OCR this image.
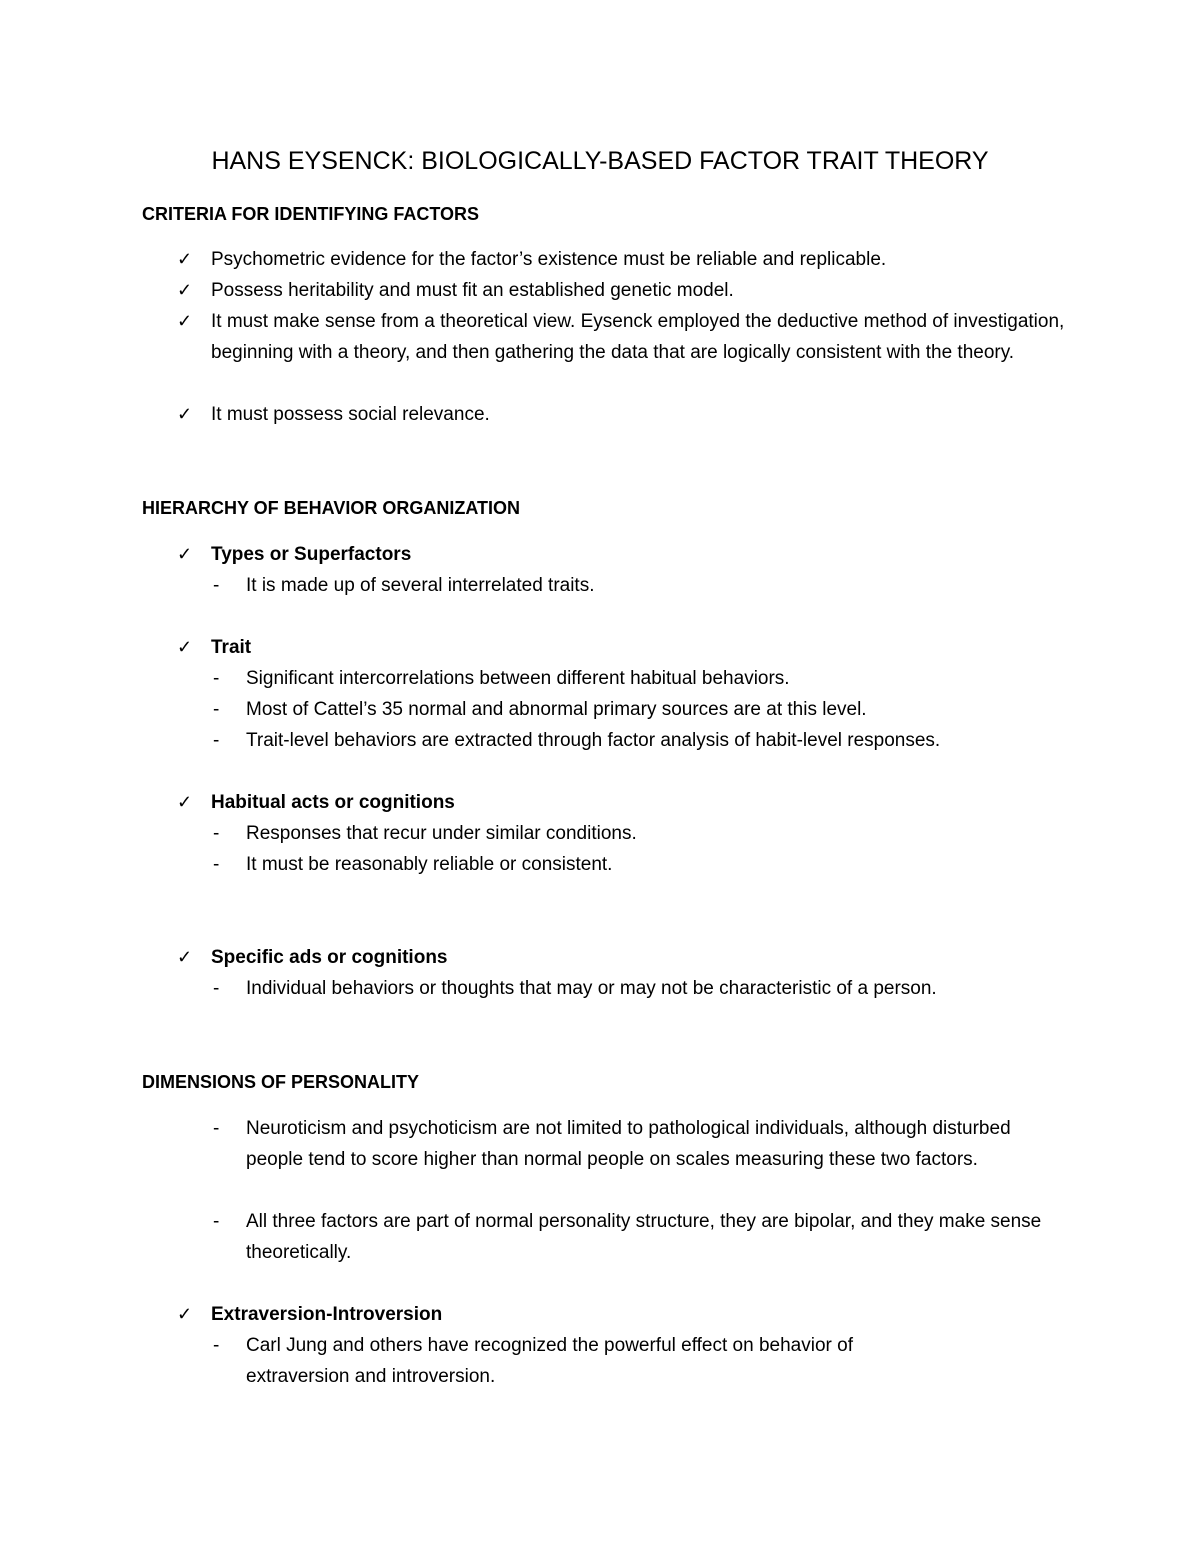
HANS EYSENCK: BIOLOGICALLY-BASED FACTOR TRAIT THEORY
CRITERIA FOR IDENTIFYING FACTORS
✓ Psychometric evidence for the factor’s existence must be reliable and replicable.
✓ Possess heritability and must fit an established genetic model.
✓ It must make sense from a theoretical view. Eysenck employed the deductive method of investigation, beginning with a theory, and then gathering the data that are logically consistent with the theory.
✓ It must possess social relevance.
HIERARCHY OF BEHAVIOR ORGANIZATION
✓ Types or Superfactors
- It is made up of several interrelated traits.
✓ Trait
- Significant intercorrelations between different habitual behaviors.
- Most of Cattel’s 35 normal and abnormal primary sources are at this level.
- Trait-level behaviors are extracted through factor analysis of habit-level responses.
✓ Habitual acts or cognitions
- Responses that recur under similar conditions.
- It must be reasonably reliable or consistent.
✓ Specific ads or cognitions
- Individual behaviors or thoughts that may or may not be characteristic of a person.
DIMENSIONS OF PERSONALITY
- Neuroticism and psychoticism are not limited to pathological individuals, although disturbed people tend to score higher than normal people on scales measuring these two factors.
- All three factors are part of normal personality structure, they are bipolar, and they make sense theoretically.
✓ Extraversion-Introversion
- Carl Jung and others have recognized the powerful effect on behavior of extraversion and introversion.
